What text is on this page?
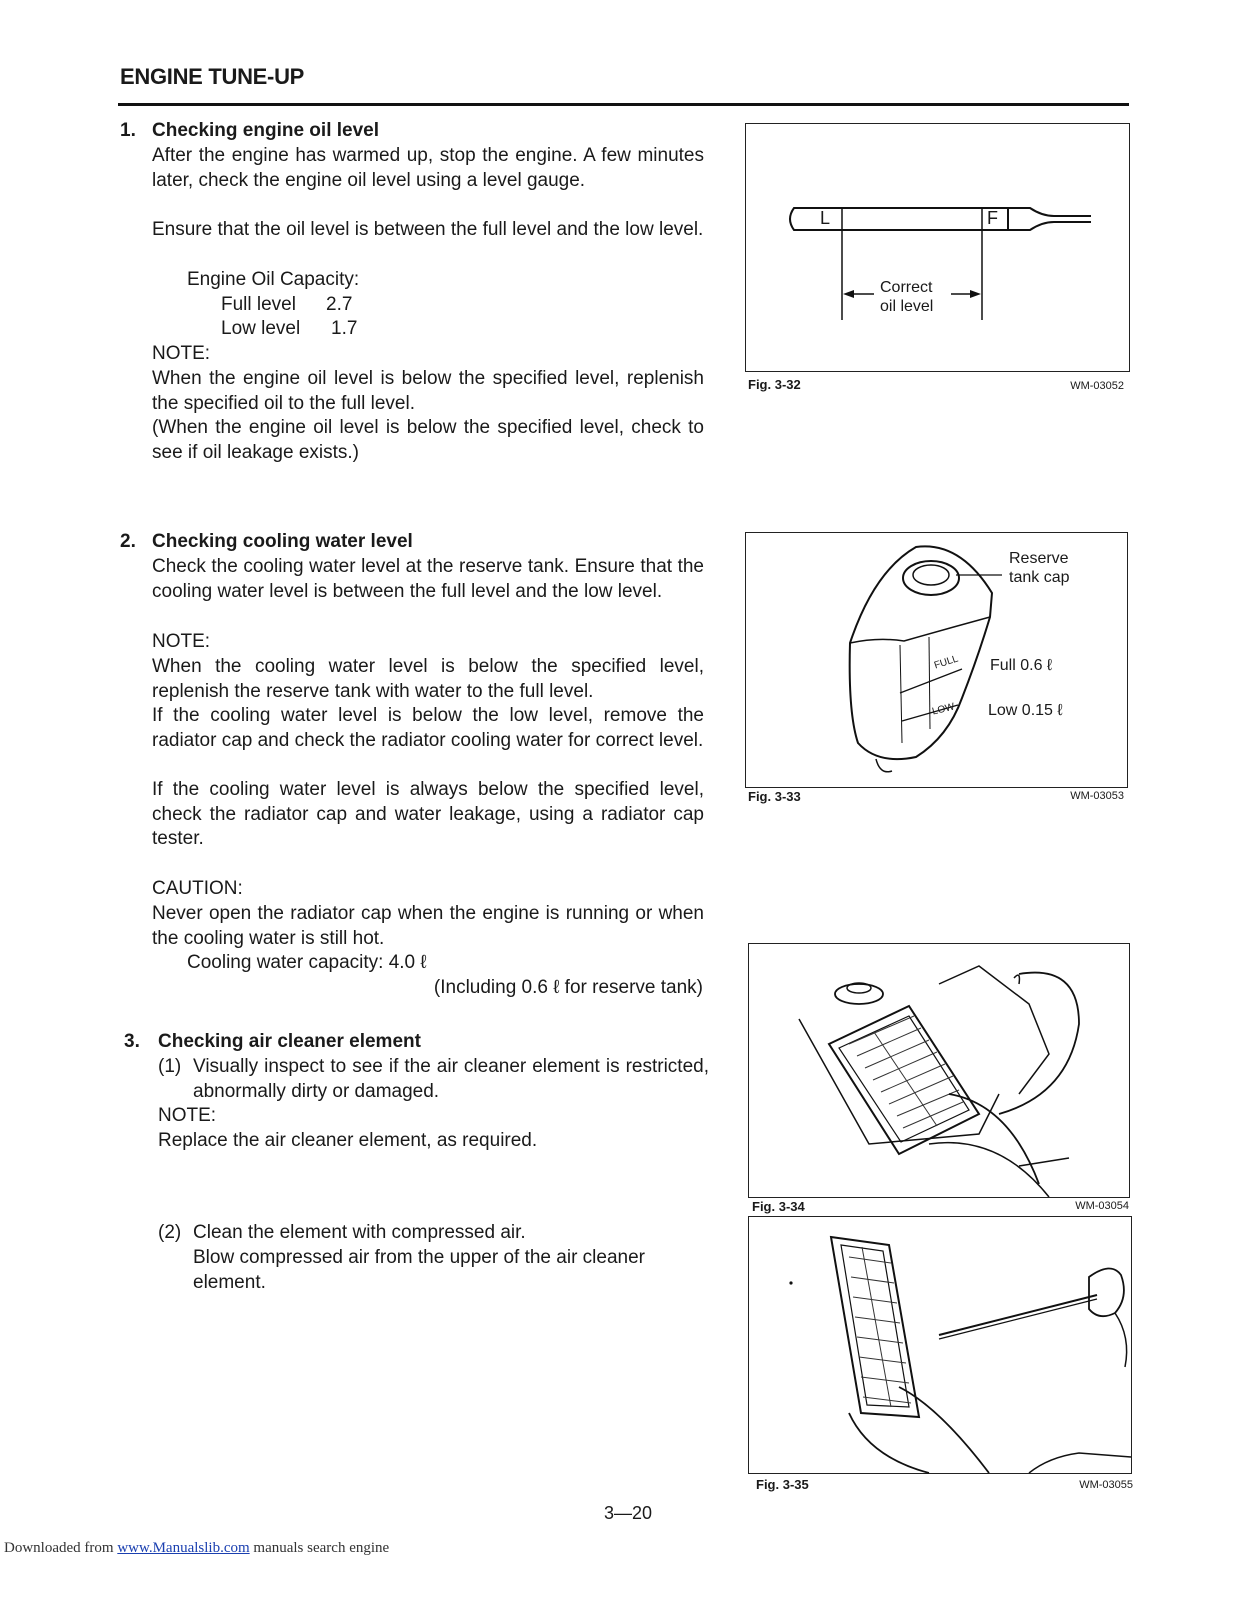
ENGINE TUNE-UP
1. Checking engine oil level
After the engine has warmed up, stop the engine. A few minutes later, check the engine oil level using a level gauge.
Ensure that the oil level is between the full level and the low level.
Engine Oil Capacity:
Full level 2.7
Low level 1.7
NOTE:
When the engine oil level is below the specified level, replenish the specified oil to the full level.
(When the engine oil level is below the specified level, check to see if oil leakage exists.)
2. Checking cooling water level
Check the cooling water level at the reserve tank. Ensure that the cooling water level is between the full level and the low level.
NOTE:
When the cooling water level is below the specified level, replenish the reserve tank with water to the full level.
If the cooling water level is below the low level, remove the radiator cap and check the radiator cooling water for correct level.
If the cooling water level is always below the specified level, check the radiator cap and water leakage, using a radiator cap tester.
CAUTION:
Never open the radiator cap when the engine is running or when the cooling water is still hot.
Cooling water capacity: 4.0 ℓ
(Including 0.6 ℓ for reserve tank)
3. Checking air cleaner element
(1) Visually inspect to see if the air cleaner element is restricted, abnormally dirty or damaged.
NOTE:
Replace the air cleaner element, as required.
(2) Clean the element with compressed air.
Blow compressed air from the upper of the air cleaner element.
L	F
Correct
oil level
Fig. 3-32	WM-03052
FULL
LOW
Reserve
tank cap
Full 0.6 ℓ
Low 0.15 ℓ
Fig. 3-33	WM-03053
Fig. 3-34	WM-03054
Fig. 3-35	WM-03055
3—20
Downloaded from www.Manualslib.com manuals search engine
